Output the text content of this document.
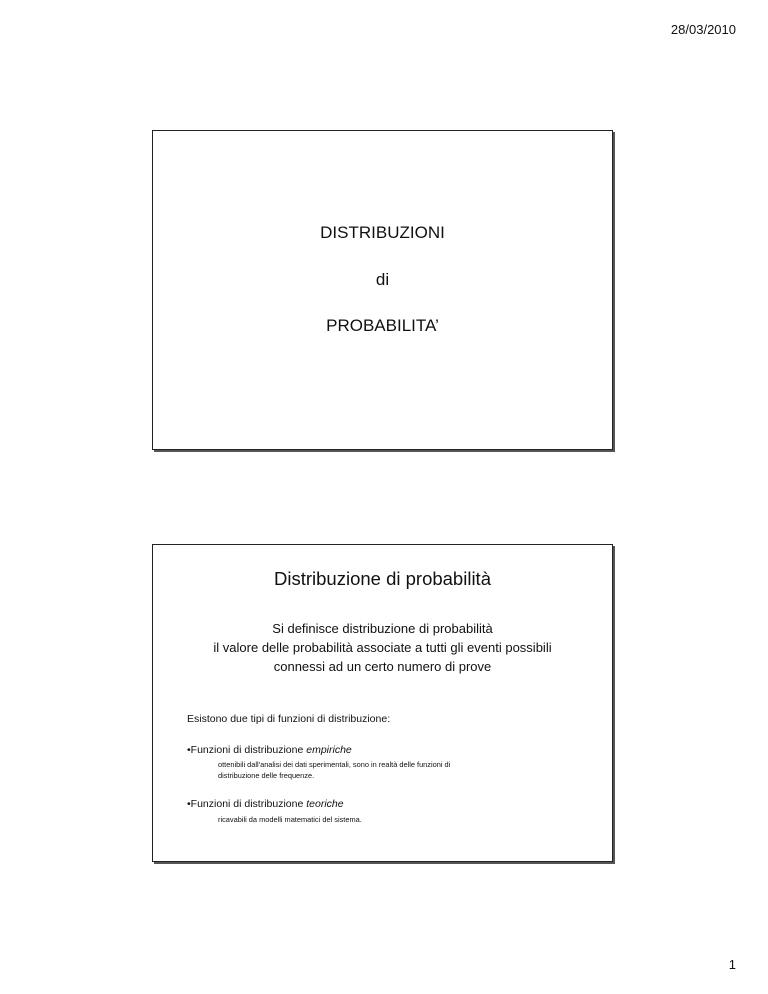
28/03/2010
DISTRIBUZIONI
di
PROBABILITA’
Distribuzione di probabilità
Si definisce distribuzione di probabilità
il valore delle probabilità associate a tutti gli eventi possibili
connessi ad un certo numero di prove
Esistono due tipi di funzioni di distribuzione:
•Funzioni di distribuzione empiriche
ottenibili dall'analisi dei dati sperimentali, sono in realtà delle funzioni di
distribuzione delle frequenze.
•Funzioni di distribuzione teoriche
ricavabili da modelli matematici del sistema.
1
